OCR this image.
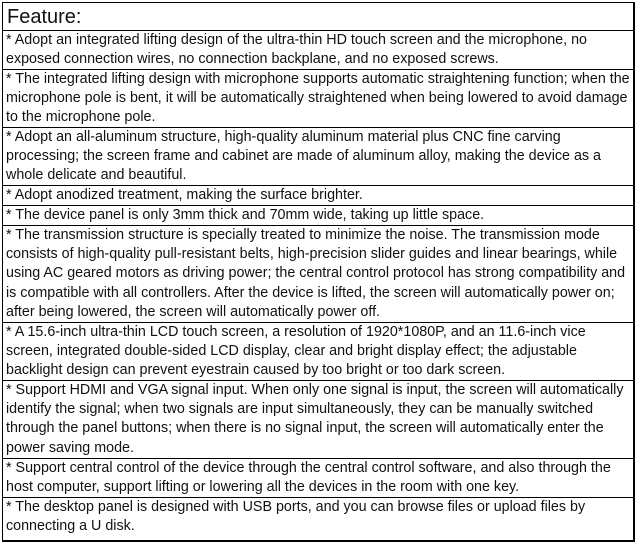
Feature:
* Adopt an integrated lifting design of the ultra-thin HD touch screen and the microphone, no exposed connection wires, no connection backplane, and no exposed screws.
* The integrated lifting design with microphone supports automatic straightening function; when the microphone pole is bent, it will be automatically straightened when being lowered to avoid damage to the microphone pole.
* Adopt an all-aluminum structure, high-quality aluminum material plus CNC fine carving processing; the screen frame and cabinet are made of aluminum alloy, making the device as a whole delicate and beautiful.
* Adopt anodized treatment, making the surface brighter.
* The device panel is only 3mm thick and 70mm wide, taking up little space.
* The transmission structure is specially treated to minimize the noise. The transmission mode consists of high-quality pull-resistant belts, high-precision slider guides and linear bearings, while using AC geared motors as driving power; the central control protocol has strong compatibility and is compatible with all controllers. After the device is lifted, the screen will automatically power on; after being lowered, the screen will automatically power off.
* A 15.6-inch ultra-thin LCD touch screen, a resolution of 1920*1080P, and an 11.6-inch vice screen, integrated double-sided LCD display, clear and bright display effect; the adjustable backlight design can prevent eyestrain caused by too bright or too dark screen.
* Support HDMI and VGA signal input. When only one signal is input, the screen will automatically identify the signal; when two signals are input simultaneously, they can be manually switched through the panel buttons; when there is no signal input, the screen will automatically enter the power saving mode.
* Support central control of the device through the central control software, and also through the host computer, support lifting or lowering all the devices in the room with one key.
* The desktop panel is designed with USB ports, and you can browse files or upload files by connecting a U disk.
